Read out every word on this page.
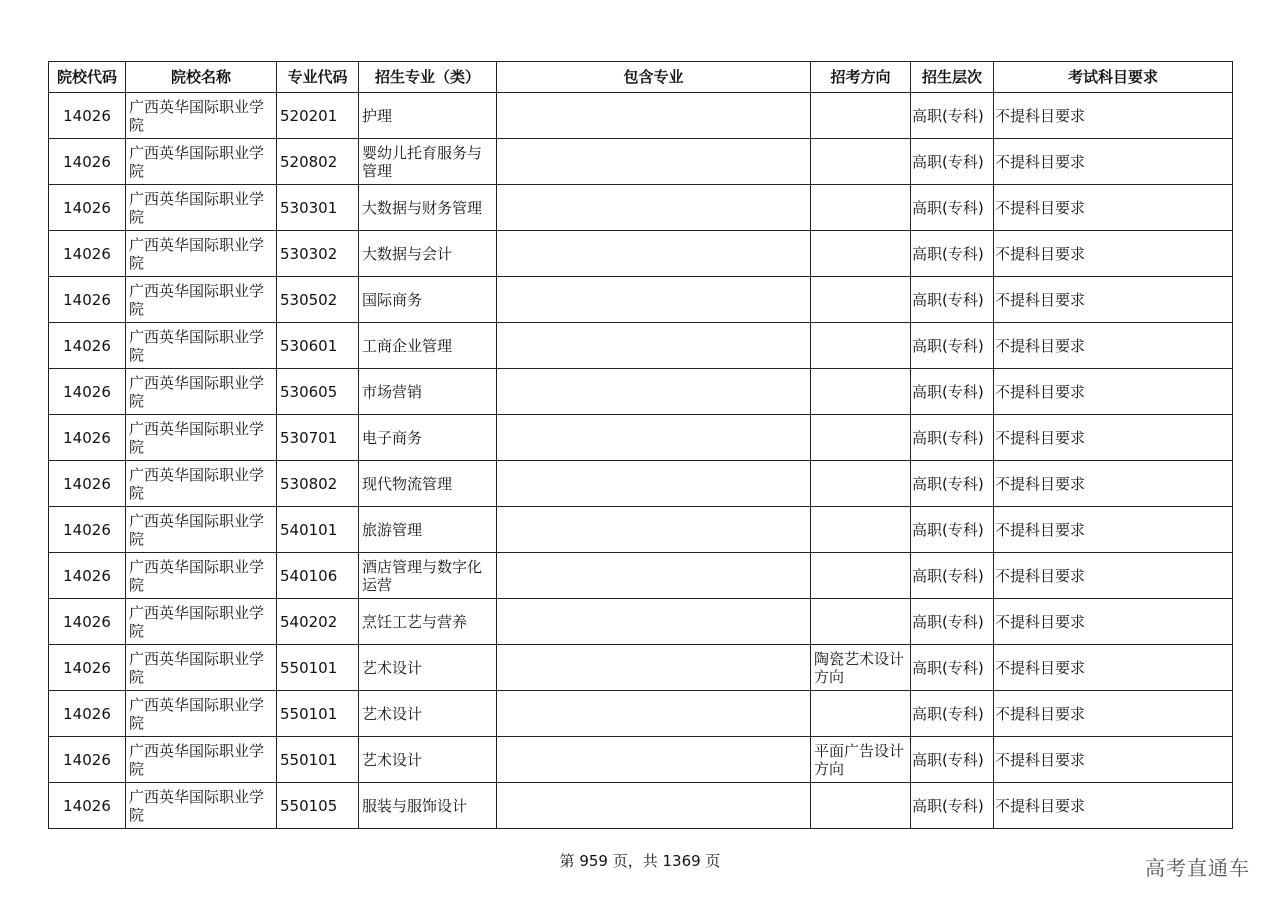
院校代码	院校名称	专业代码	招生专业（类）	包含专业	招考方向	招生层次	考试科目要求
14026	广西英华国际职业学院	520201	护理			高职(专科)	不提科目要求
14026	广西英华国际职业学院	520802	婴幼儿托育服务与管理			高职(专科)	不提科目要求
14026	广西英华国际职业学院	530301	大数据与财务管理			高职(专科)	不提科目要求
14026	广西英华国际职业学院	530302	大数据与会计			高职(专科)	不提科目要求
14026	广西英华国际职业学院	530502	国际商务			高职(专科)	不提科目要求
14026	广西英华国际职业学院	530601	工商企业管理			高职(专科)	不提科目要求
14026	广西英华国际职业学院	530605	市场营销			高职(专科)	不提科目要求
14026	广西英华国际职业学院	530701	电子商务			高职(专科)	不提科目要求
14026	广西英华国际职业学院	530802	现代物流管理			高职(专科)	不提科目要求
14026	广西英华国际职业学院	540101	旅游管理			高职(专科)	不提科目要求
14026	广西英华国际职业学院	540106	酒店管理与数字化运营			高职(专科)	不提科目要求
14026	广西英华国际职业学院	540202	烹饪工艺与营养			高职(专科)	不提科目要求
14026	广西英华国际职业学院	550101	艺术设计		陶瓷艺术设计方向	高职(专科)	不提科目要求
14026	广西英华国际职业学院	550101	艺术设计			高职(专科)	不提科目要求
14026	广西英华国际职业学院	550101	艺术设计		平面广告设计方向	高职(专科)	不提科目要求
14026	广西英华国际职业学院	550105	服装与服饰设计			高职(专科)	不提科目要求
第 959 页，共 1369 页	高考直通车
